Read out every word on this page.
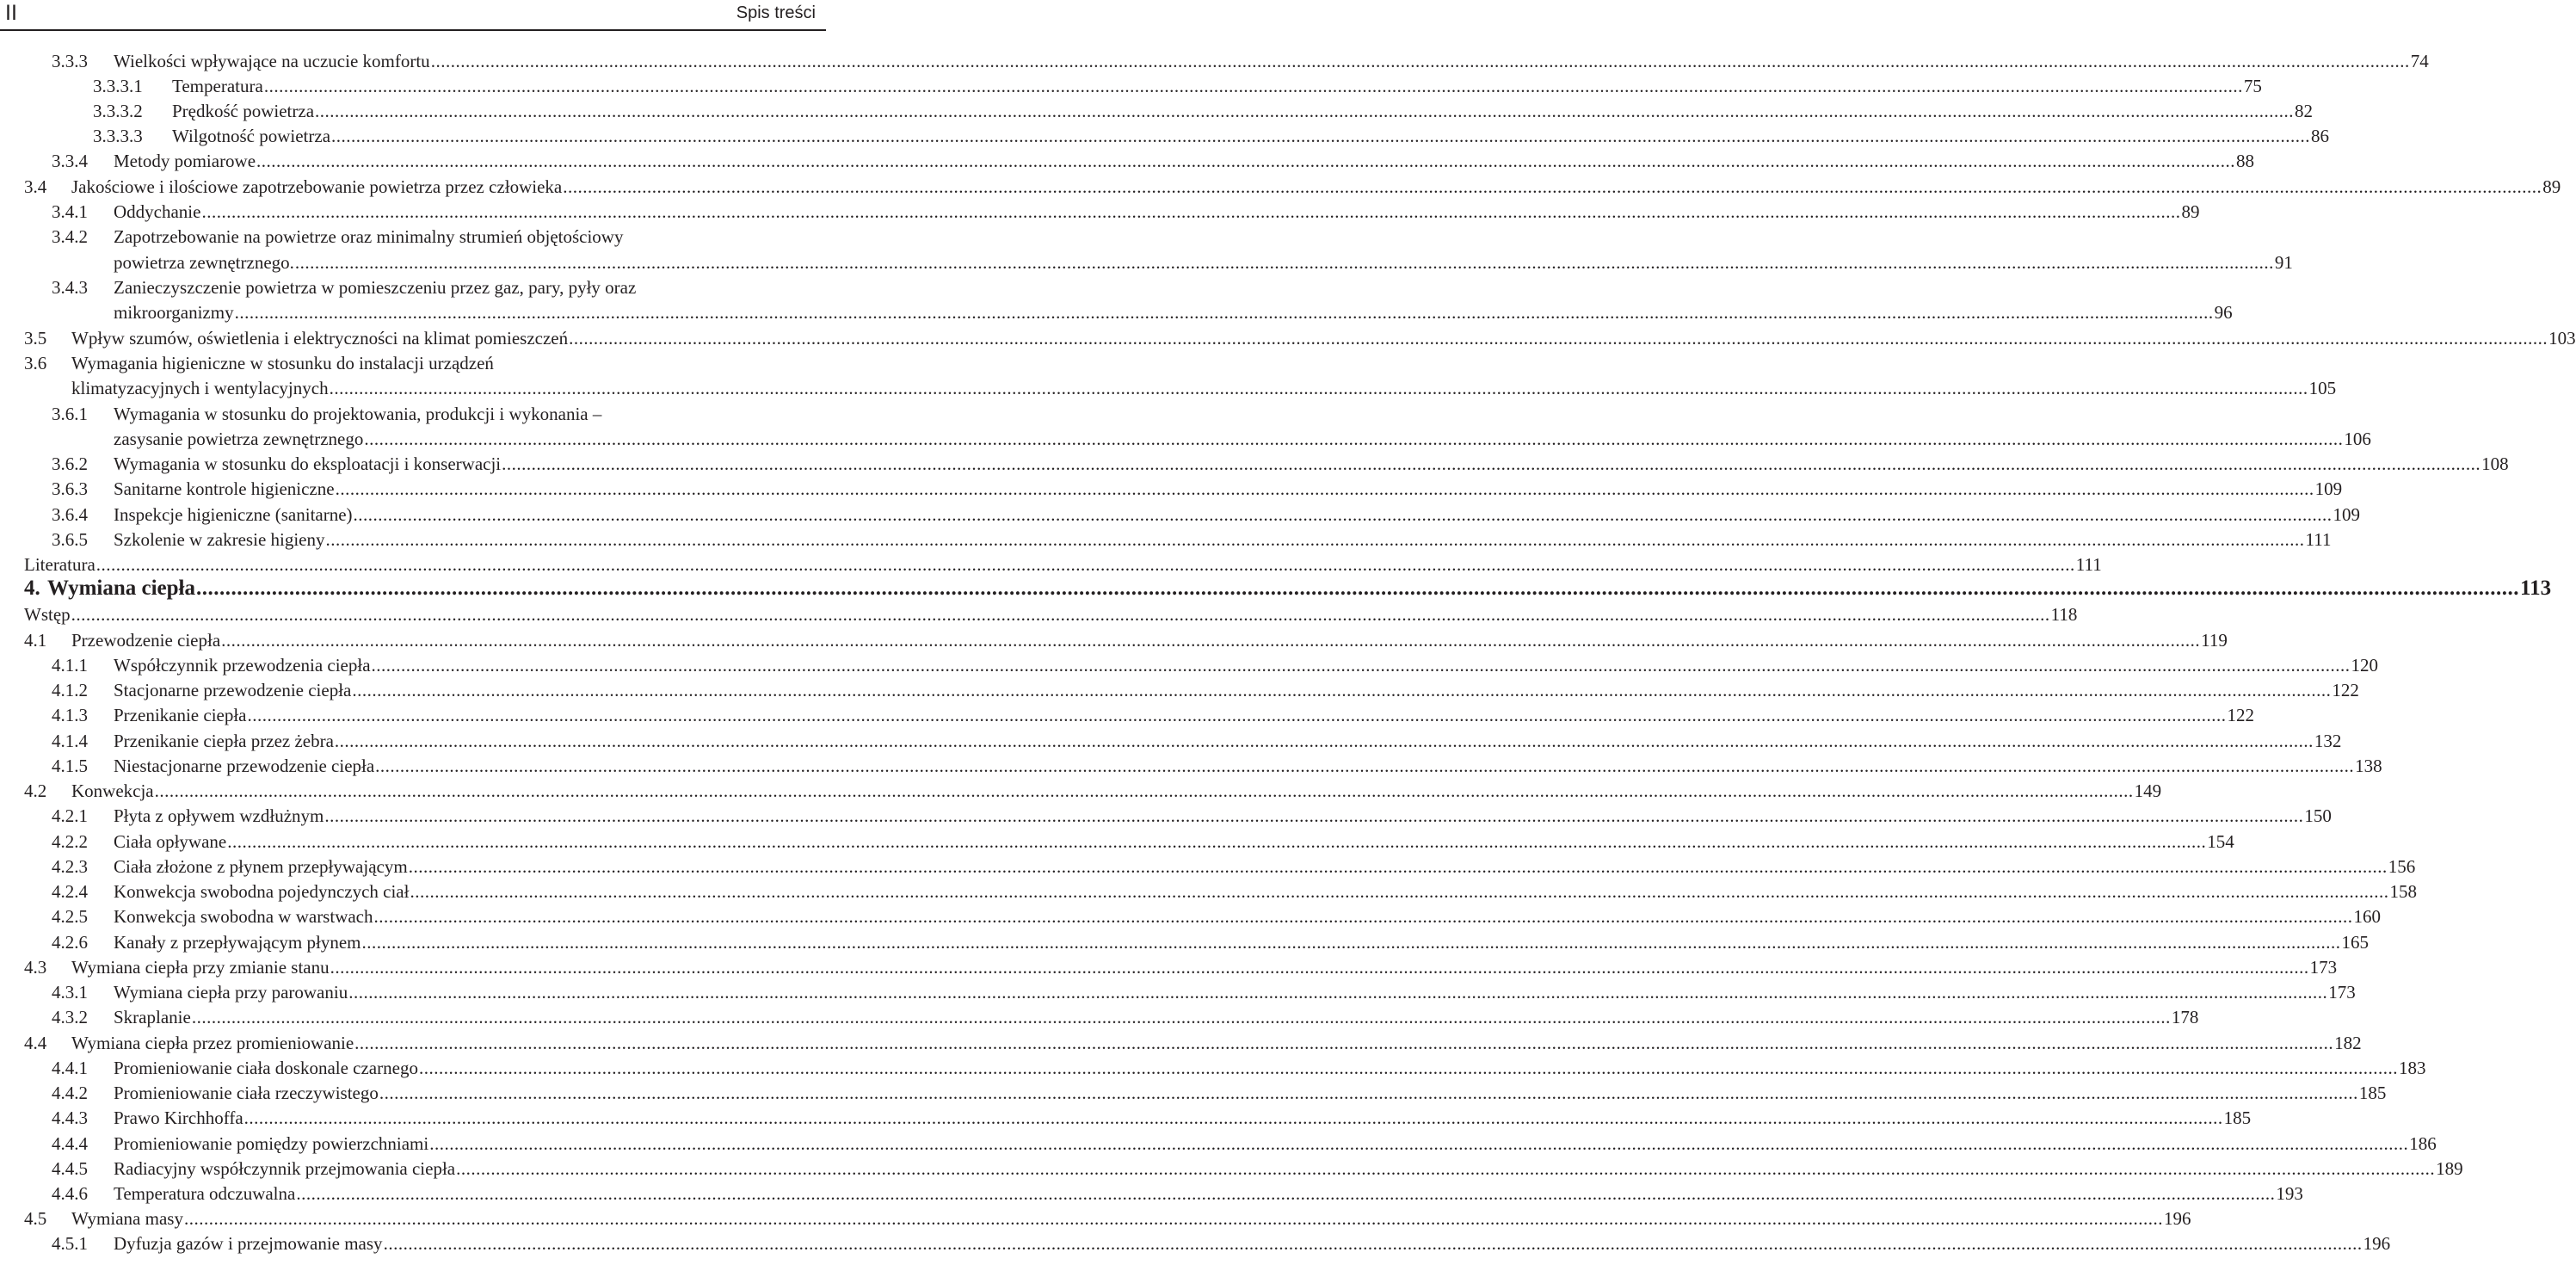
II	Spis treści
3.3.3 Wielkości wpływające na uczucie komfortu ................................................................................................................................................................................................................................................................................................................................................................................................................ 74
3.3.3.1 Temperatura ................................................................................................................................................................................................................................................................................................................................................................................................................ 75
3.3.3.2 Prędkość powietrza ................................................................................................................................................................................................................................................................................................................................................................................................................ 82
3.3.3.3 Wilgotność powietrza ................................................................................................................................................................................................................................................................................................................................................................................................................ 86
3.3.4 Metody pomiarowe ................................................................................................................................................................................................................................................................................................................................................................................................................ 88
3.4 Jakościowe i ilościowe zapotrzebowanie powietrza przez człowieka ................................................................................................................................................................................................................................................................................................................................................................................................................ 89
3.4.1 Oddychanie ................................................................................................................................................................................................................................................................................................................................................................................................................ 89
3.4.2 Zapotrzebowanie na powietrze oraz minimalny strumień objętościowy
powietrza zewnętrznego. ................................................................................................................................................................................................................................................................................................................................................................................................................ 91
3.4.3 Zanieczyszczenie powietrza w pomieszczeniu przez gaz, pary, pyły oraz
mikroorganizmy ................................................................................................................................................................................................................................................................................................................................................................................................................ 96
3.5 Wpływ szumów, oświetlenia i elektryczności na klimat pomieszczeń ................................................................................................................................................................................................................................................................................................................................................................................................................ 103
3.6 Wymagania higieniczne w stosunku do instalacji urządzeń
klimatyzacyjnych i wentylacyjnych ................................................................................................................................................................................................................................................................................................................................................................................................................ 105
3.6.1 Wymagania w stosunku do projektowania, produkcji i wykonania –
zasysanie powietrza zewnętrznego ................................................................................................................................................................................................................................................................................................................................................................................................................ 106
3.6.2 Wymagania w stosunku do eksploatacji i konserwacji ................................................................................................................................................................................................................................................................................................................................................................................................................ 108
3.6.3 Sanitarne kontrole higieniczne ................................................................................................................................................................................................................................................................................................................................................................................................................ 109
3.6.4 Inspekcje higieniczne (sanitarne) ................................................................................................................................................................................................................................................................................................................................................................................................................ 109
3.6.5 Szkolenie w zakresie higieny ................................................................................................................................................................................................................................................................................................................................................................................................................ 111
Literatura ................................................................................................................................................................................................................................................................................................................................................................................................................ 111
4. Wymiana ciepła ................................................................................................................................................................................................................................................................................................................................................................................................................ 113
Wstęp ................................................................................................................................................................................................................................................................................................................................................................................................................ 118
4.1 Przewodzenie ciepła ................................................................................................................................................................................................................................................................................................................................................................................................................ 119
4.1.1 Współczynnik przewodzenia ciepła ................................................................................................................................................................................................................................................................................................................................................................................................................ 120
4.1.2 Stacjonarne przewodzenie ciepła ................................................................................................................................................................................................................................................................................................................................................................................................................ 122
4.1.3 Przenikanie ciepła ................................................................................................................................................................................................................................................................................................................................................................................................................ 122
4.1.4 Przenikanie ciepła przez żebra ................................................................................................................................................................................................................................................................................................................................................................................................................ 132
4.1.5 Niestacjonarne przewodzenie ciepła ................................................................................................................................................................................................................................................................................................................................................................................................................ 138
4.2 Konwekcja ................................................................................................................................................................................................................................................................................................................................................................................................................ 149
4.2.1 Płyta z opływem wzdłużnym ................................................................................................................................................................................................................................................................................................................................................................................................................ 150
4.2.2 Ciała opływane ................................................................................................................................................................................................................................................................................................................................................................................................................ 154
4.2.3 Ciała złożone z płynem przepływającym ................................................................................................................................................................................................................................................................................................................................................................................................................ 156
4.2.4 Konwekcja swobodna pojedynczych ciał ................................................................................................................................................................................................................................................................................................................................................................................................................ 158
4.2.5 Konwekcja swobodna w warstwach ................................................................................................................................................................................................................................................................................................................................................................................................................ 160
4.2.6 Kanały z przepływającym płynem ................................................................................................................................................................................................................................................................................................................................................................................................................ 165
4.3 Wymiana ciepła przy zmianie stanu ................................................................................................................................................................................................................................................................................................................................................................................................................ 173
4.3.1 Wymiana ciepła przy parowaniu ................................................................................................................................................................................................................................................................................................................................................................................................................ 173
4.3.2 Skraplanie ................................................................................................................................................................................................................................................................................................................................................................................................................ 178
4.4 Wymiana ciepła przez promieniowanie ................................................................................................................................................................................................................................................................................................................................................................................................................ 182
4.4.1 Promieniowanie ciała doskonale czarnego ................................................................................................................................................................................................................................................................................................................................................................................................................ 183
4.4.2 Promieniowanie ciała rzeczywistego ................................................................................................................................................................................................................................................................................................................................................................................................................ 185
4.4.3 Prawo Kirchhoffa ................................................................................................................................................................................................................................................................................................................................................................................................................ 185
4.4.4 Promieniowanie pomiędzy powierzchniami ................................................................................................................................................................................................................................................................................................................................................................................................................ 186
4.4.5 Radiacyjny współczynnik przejmowania ciepła ................................................................................................................................................................................................................................................................................................................................................................................................................ 189
4.4.6 Temperatura odczuwalna ................................................................................................................................................................................................................................................................................................................................................................................................................ 193
4.5 Wymiana masy ................................................................................................................................................................................................................................................................................................................................................................................................................ 196
4.5.1 Dyfuzja gazów i przejmowanie masy ................................................................................................................................................................................................................................................................................................................................................................................................................ 196
